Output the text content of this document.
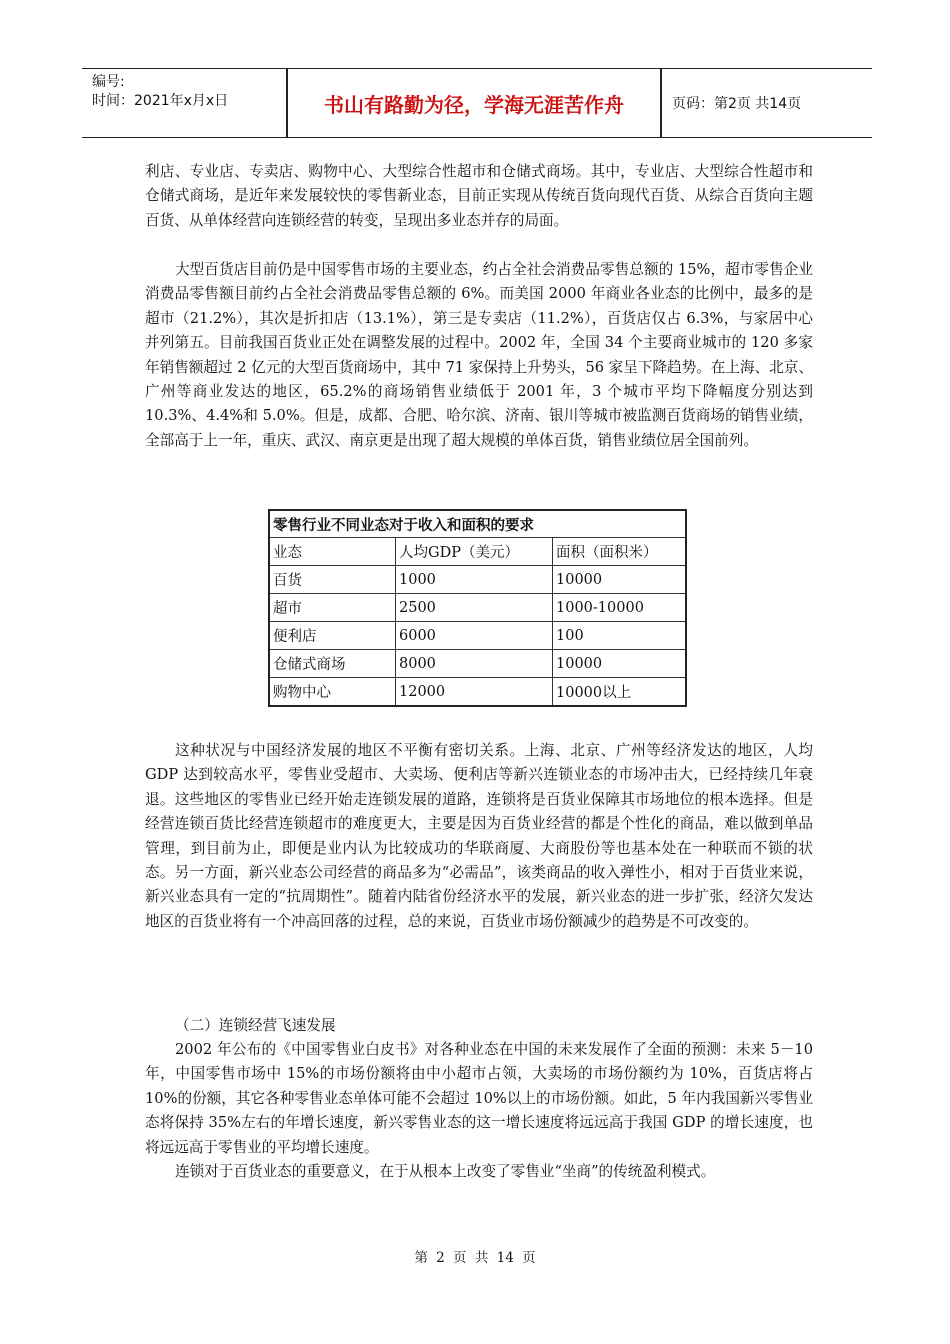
编号:
时间：2021年x月x日	书山有路勤为径，学海无涯苦作舟	页码：第2页 共14页

利店、专业店、专卖店、购物中心、大型综合性超市和仓储式商场。其中，专业店、大型综合性超市和仓储式商场，是近年来发展较快的零售新业态，目前正实现从传统百货向现代百货、从综合百货向主题百货、从单体经营向连锁经营的转变，呈现出多业态并存的局面。

大型百货店目前仍是中国零售市场的主要业态，约占全社会消费品零售总额的 15%，超市零售企业消费品零售额目前约占全社会消费品零售总额的 6%。而美国 2000 年商业各业态的比例中，最多的是超市（21.2%），其次是折扣店（13.1%），第三是专卖店（11.2%），百货店仅占 6.3%，与家居中心并列第五。目前我国百货业正处在调整发展的过程中。2002 年，全国 34 个主要商业城市的 120 多家年销售额超过 2 亿元的大型百货商场中，其中 71 家保持上升势头，56 家呈下降趋势。在上海、北京、广州等商业发达的地区，65.2%的商场销售业绩低于 2001 年，3 个城市平均下降幅度分别达到 10.3%、4.4%和 5.0%。但是，成都、合肥、哈尔滨、济南、银川等城市被监测百货商场的销售业绩，全部高于上一年，重庆、武汉、南京更是出现了超大规模的单体百货，销售业绩位居全国前列。

零售行业不同业态对于收入和面积的要求		
业态	人均GDP（美元）	面积（面积米）
百货	1000	10000
超市	2500	1000-10000
便利店	6000	100
仓储式商场	8000	10000
购物中心	12000	10000以上

这种状况与中国经济发展的地区不平衡有密切关系。上海、北京、广州等经济发达的地区，人均 GDP 达到较高水平，零售业受超市、大卖场、便利店等新兴连锁业态的市场冲击大，已经持续几年衰退。这些地区的零售业已经开始走连锁发展的道路，连锁将是百货业保障其市场地位的根本选择。但是经营连锁百货比经营连锁超市的难度更大，主要是因为百货业经营的都是个性化的商品，难以做到单品管理，到目前为止，即便是业内认为比较成功的华联商厦、大商股份等也基本处在一种联而不锁的状态。另一方面，新兴业态公司经营的商品多为“必需品”，该类商品的收入弹性小，相对于百货业来说，新兴业态具有一定的“抗周期性”。随着内陆省份经济水平的发展，新兴业态的进一步扩张，经济欠发达地区的百货业将有一个冲高回落的过程，总的来说，百货业市场份额减少的趋势是不可改变的。

（二）连锁经营飞速发展

2002 年公布的《中国零售业白皮书》对各种业态在中国的未来发展作了全面的预测：未来 5－10 年，中国零售市场中 15%的市场份额将由中小超市占领，大卖场的市场份额约为 10%，百货店将占 10%的份额，其它各种零售业态单体可能不会超过 10%以上的市场份额。如此，5 年内我国新兴零售业态将保持 35%左右的年增长速度，新兴零售业态的这一增长速度将远远高于我国 GDP 的增长速度，也将远远高于零售业的平均增长速度。

连锁对于百货业态的重要意义，在于从根本上改变了零售业“坐商”的传统盈利模式。

第 2 页 共 14 页
